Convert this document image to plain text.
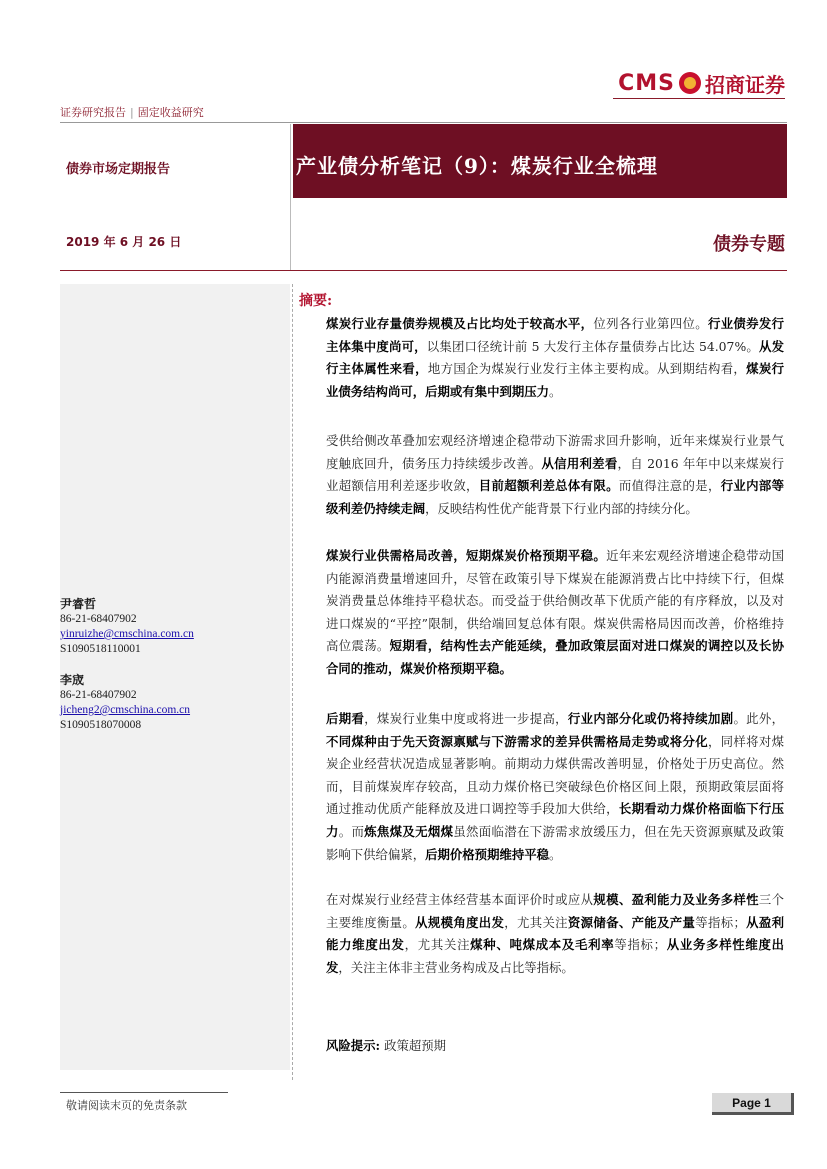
CMS 招商证券
证券研究报告 | 固定收益研究
债券市场定期报告	产业债分析笔记（9）：煤炭行业全梳理
2019 年 6 月 26 日	债券专题
尹睿哲
86-21-68407902
yinruizhe@cmschina.com.cn
S1090518110001
李宬
86-21-68407902
jicheng2@cmschina.com.cn
S1090518070008
摘要:
煤炭行业存量债券规模及占比均处于较高水平，位列各行业第四位。行业债券发行主体集中度尚可，以集团口径统计前 5 大发行主体存量债券占比达 54.07%。从发行主体属性来看，地方国企为煤炭行业发行主体主要构成。从到期结构看，煤炭行业债务结构尚可，后期或有集中到期压力。
受供给侧改革叠加宏观经济增速企稳带动下游需求回升影响，近年来煤炭行业景气度触底回升，债务压力持续缓步改善。从信用利差看，自 2016 年年中以来煤炭行业超额信用利差逐步收敛，目前超额利差总体有限。而值得注意的是，行业内部等级利差仍持续走阔，反映结构性优产能背景下行业内部的持续分化。
煤炭行业供需格局改善，短期煤炭价格预期平稳。近年来宏观经济增速企稳带动国内能源消费量增速回升，尽管在政策引导下煤炭在能源消费占比中持续下行，但煤炭消费量总体维持平稳状态。而受益于供给侧改革下优质产能的有序释放，以及对进口煤炭的“平控”限制，供给端回复总体有限。煤炭供需格局因而改善，价格维持高位震荡。短期看，结构性去产能延续，叠加政策层面对进口煤炭的调控以及长协合同的推动，煤炭价格预期平稳。
后期看，煤炭行业集中度或将进一步提高，行业内部分化或仍将持续加剧。此外，不同煤种由于先天资源禀赋与下游需求的差异供需格局走势或将分化，同样将对煤炭企业经营状况造成显著影响。前期动力煤供需改善明显，价格处于历史高位。然而，目前煤炭库存较高，且动力煤价格已突破绿色价格区间上限，预期政策层面将通过推动优质产能释放及进口调控等手段加大供给，长期看动力煤价格面临下行压力。而炼焦煤及无烟煤虽然面临潜在下游需求放缓压力，但在先天资源禀赋及政策影响下供给偏紧，后期价格预期维持平稳。
在对煤炭行业经营主体经营基本面评价时或应从规模、盈利能力及业务多样性三个主要维度衡量。从规模角度出发，尤其关注资源储备、产能及产量等指标；从盈利能力维度出发，尤其关注煤种、吨煤成本及毛利率等指标；从业务多样性维度出发，关注主体非主营业务构成及占比等指标。
风险提示: 政策超预期
敬请阅读末页的免责条款	Page 1
